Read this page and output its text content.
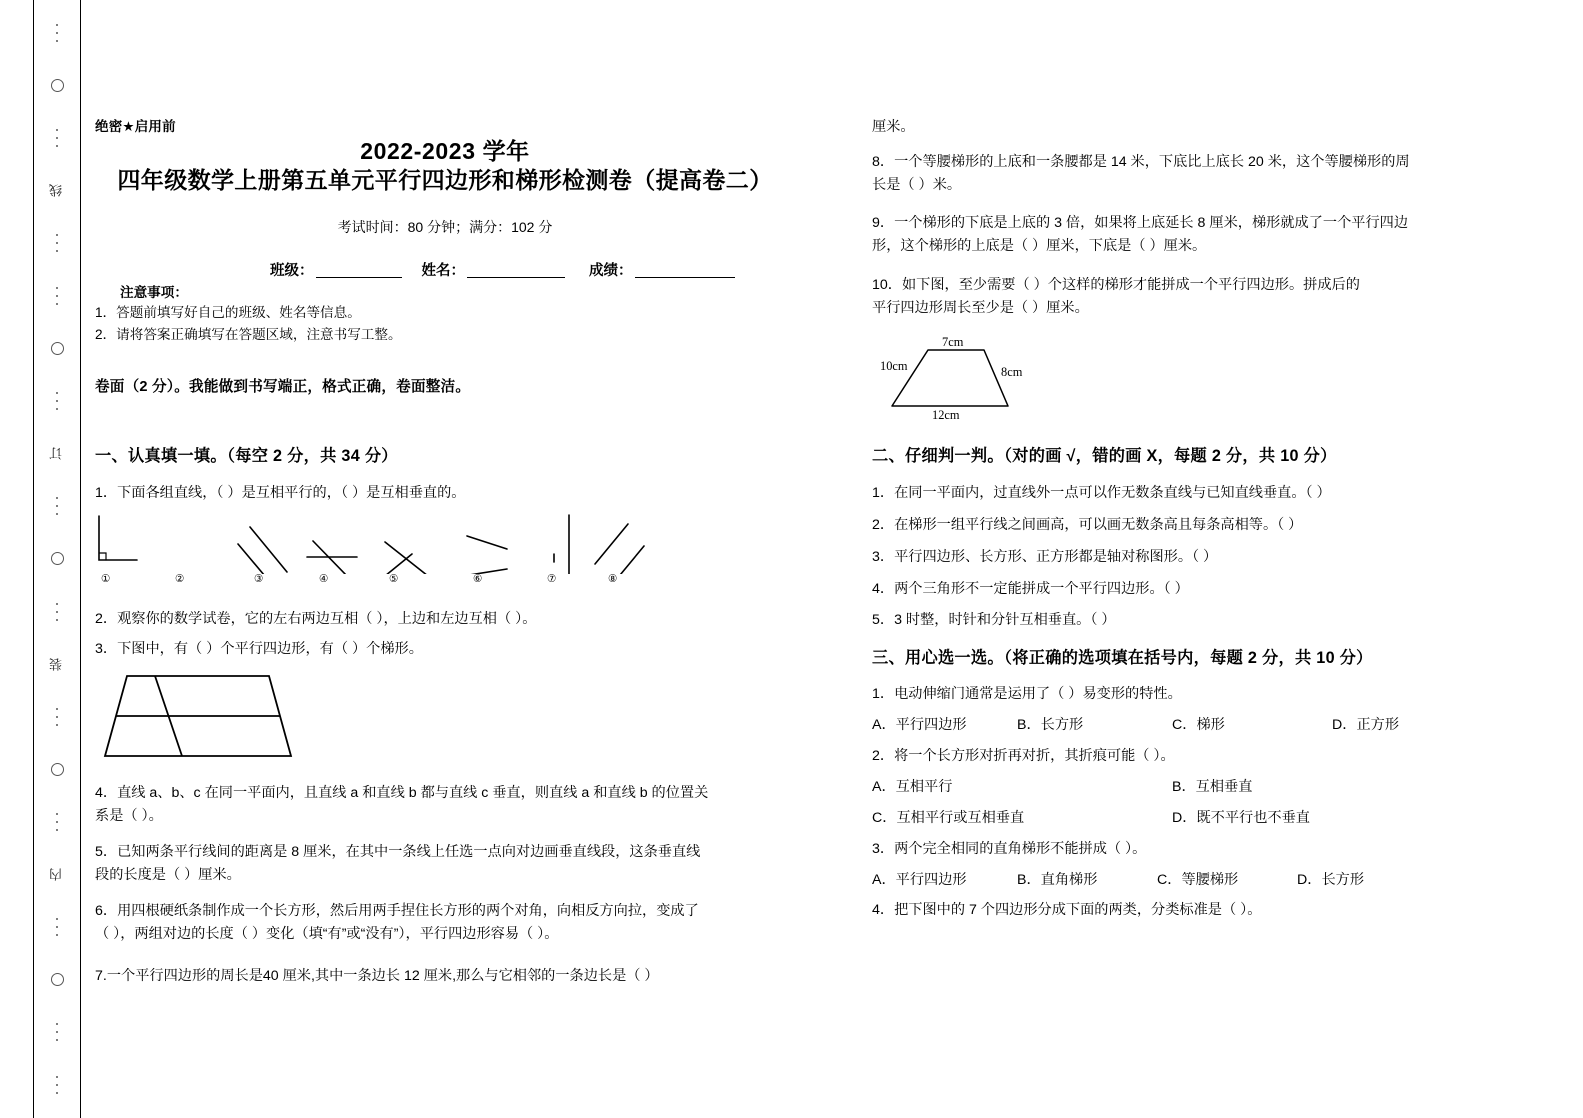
线
订
装
内
绝密★启用前
2022-2023 学年
四年级数学上册第五单元平行四边形和梯形检测卷（提高卷二）
考试时间：80 分钟；满分：102 分
班级：	姓名：	成绩：
注意事项：
1．答题前填写好自己的班级、姓名等信息。
2．请将答案正确填写在答题区域，注意书写工整。
卷面（2 分）。我能做到书写端正，格式正确，卷面整洁。
一、认真填一填。（每空 2 分，共 34 分）
1．下面各组直线，（ ）是互相平行的，（ ）是互相垂直的。
①	②	③	④	⑤	⑥	⑦	⑧
2．观察你的数学试卷，它的左右两边互相（ ），上边和左边互相（ ）。
3．下图中，有（ ）个平行四边形，有（ ）个梯形。
4．直线 a、b、c 在同一平面内，且直线 a 和直线 b 都与直线 c 垂直，则直线 a 和直线 b 的位置关
系是（ ）。
5．已知两条平行线间的距离是 8 厘米，在其中一条线上任选一点向对边画垂直线段，这条垂直线
段的长度是（ ）厘米。
6．用四根硬纸条制作成一个长方形，然后用两手捏住长方形的两个对角，向相反方向拉，变成了
（ ），两组对边的长度（ ）变化（填“有”或“没有”），平行四边形容易（ ）。
7.一个平行四边形的周长是40 厘米,其中一条边长 12 厘米,那么与它相邻的一条边长是（ ）
厘米。
8．一个等腰梯形的上底和一条腰都是 14 米，下底比上底长 20 米，这个等腰梯形的周
长是（ ）米。
9．一个梯形的下底是上底的 3 倍，如果将上底延长 8 厘米，梯形就成了一个平行四边
形，这个梯形的上底是（ ）厘米，下底是（ ）厘米。
10．如下图，至少需要（ ）个这样的梯形才能拼成一个平行四边形。拼成后的
平行四边形周长至少是（ ）厘米。
7cm
10cm	8cm
12cm
二、仔细判一判。（对的画 √，错的画 X，每题 2 分，共 10 分）
1．在同一平面内，过直线外一点可以作无数条直线与已知直线垂直。（ ）
2．在梯形一组平行线之间画高，可以画无数条高且每条高相等。（ ）
3．平行四边形、长方形、正方形都是轴对称图形。（ ）
4．两个三角形不一定能拼成一个平行四边形。（ ）
5．3 时整，时针和分针互相垂直。（ ）
三、用心选一选。（将正确的选项填在括号内，每题 2 分，共 10 分）
1．电动伸缩门通常是运用了（ ）易变形的特性。
A．平行四边形	B．长方形	C．梯形	D．正方形
2．将一个长方形对折再对折，其折痕可能（ ）。
A．互相平行	B．互相垂直
C．互相平行或互相垂直	D．既不平行也不垂直
3．两个完全相同的直角梯形不能拼成（ ）。
A．平行四边形	B．直角梯形	C．等腰梯形	D．长方形
4．把下图中的 7 个四边形分成下面的两类，分类标准是（ ）。
